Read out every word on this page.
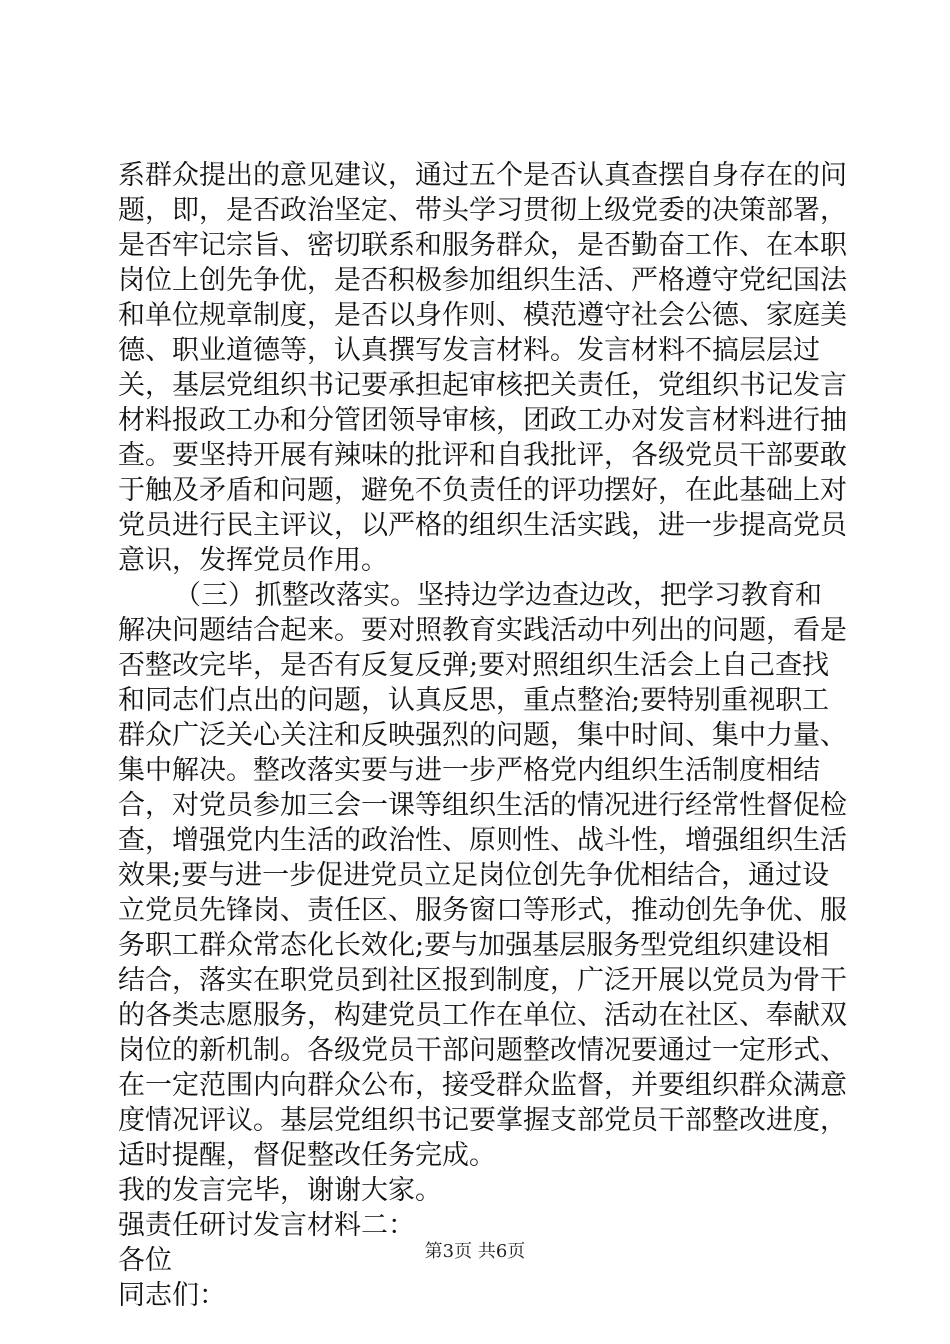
系群众提出的意见建议，通过五个是否认真查摆自身存在的问题，即，是否政治坚定、带头学习贯彻上级党委的决策部署，是否牢记宗旨、密切联系和服务群众，是否勤奋工作、在本职岗位上创先争优，是否积极参加组织生活、严格遵守党纪国法和单位规章制度，是否以身作则、模范遵守社会公德、家庭美德、职业道德等，认真撰写发言材料。发言材料不搞层层过关，基层党组织书记要承担起审核把关责任，党组织书记发言材料报政工办和分管团领导审核，团政工办对发言材料进行抽查。要坚持开展有辣味的批评和自我批评，各级党员干部要敢于触及矛盾和问题，避免不负责任的评功摆好，在此基础上对党员进行民主评议，以严格的组织生活实践，进一步提高党员意识，发挥党员作用。

（三）抓整改落实。坚持边学边查边改，把学习教育和解决问题结合起来。要对照教育实践活动中列出的问题，看是否整改完毕，是否有反复反弹;要对照组织生活会上自己查找和同志们点出的问题，认真反思，重点整治;要特别重视职工群众广泛关心关注和反映强烈的问题，集中时间、集中力量、集中解决。整改落实要与进一步严格党内组织生活制度相结合，对党员参加三会一课等组织生活的情况进行经常性督促检查，增强党内生活的政治性、原则性、战斗性，增强组织生活效果;要与进一步促进党员立足岗位创先争优相结合，通过设立党员先锋岗、责任区、服务窗口等形式，推动创先争优、服务职工群众常态化长效化;要与加强基层服务型党组织建设相结合，落实在职党员到社区报到制度，广泛开展以党员为骨干的各类志愿服务，构建党员工作在单位、活动在社区、奉献双岗位的新机制。各级党员干部问题整改情况要通过一定形式、在一定范围内向群众公布，接受群众监督，并要组织群众满意度情况评议。基层党组织书记要掌握支部党员干部整改进度，适时提醒，督促整改任务完成。

我的发言完毕，谢谢大家。

强责任研讨发言材料二：

各位

同志们：

第3页 共6页
